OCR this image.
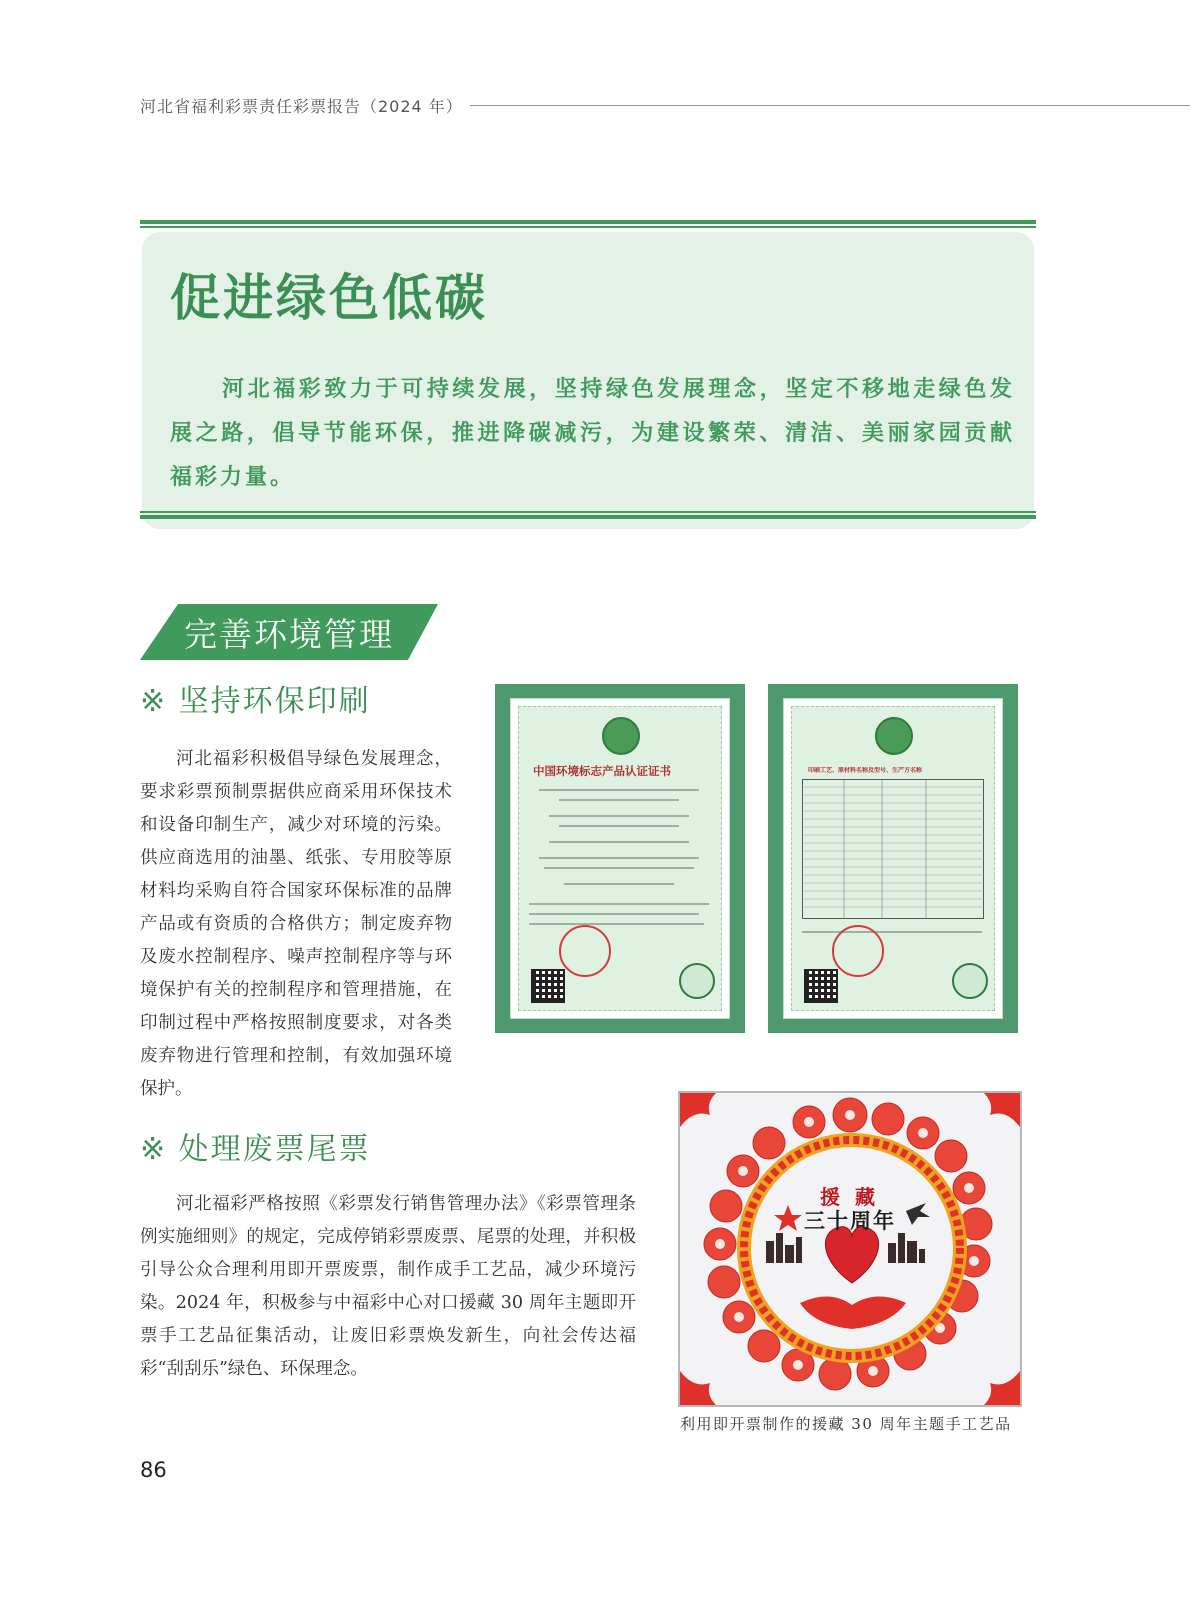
河北省福利彩票责任彩票报告（2024 年）
促进绿色低碳
河北福彩致力于可持续发展，坚持绿色发展理念，坚定不移地走绿色发展之路，倡导节能环保，推进降碳减污，为建设繁荣、清洁、美丽家园贡献福彩力量。
完善环境管理
※ 坚持环保印刷
河北福彩积极倡导绿色发展理念，要求彩票预制票据供应商采用环保技术和设备印制生产，减少对环境的污染。供应商选用的油墨、纸张、专用胶等原材料均采购自符合国家环保标准的品牌产品或有资质的合格供方；制定废弃物及废水控制程序、噪声控制程序等与环境保护有关的控制程序和管理措施，在印制过程中严格按照制度要求，对各类废弃物进行管理和控制，有效加强环境保护。
中国环境标志产品认证证书	印刷工艺、原材料名称及型号、生产方名称
※ 处理废票尾票
河北福彩严格按照《彩票发行销售管理办法》《彩票管理条例实施细则》的规定，完成停销彩票废票、尾票的处理，并积极引导公众合理利用即开票废票，制作成手工艺品，减少环境污染。2024 年，积极参与中福彩中心对口援藏 30 周年主题即开票手工艺品征集活动，让废旧彩票焕发新生，向社会传达福彩“刮刮乐”绿色、环保理念。
援 藏
三十周年
利用即开票制作的援藏 30 周年主题手工艺品
86
